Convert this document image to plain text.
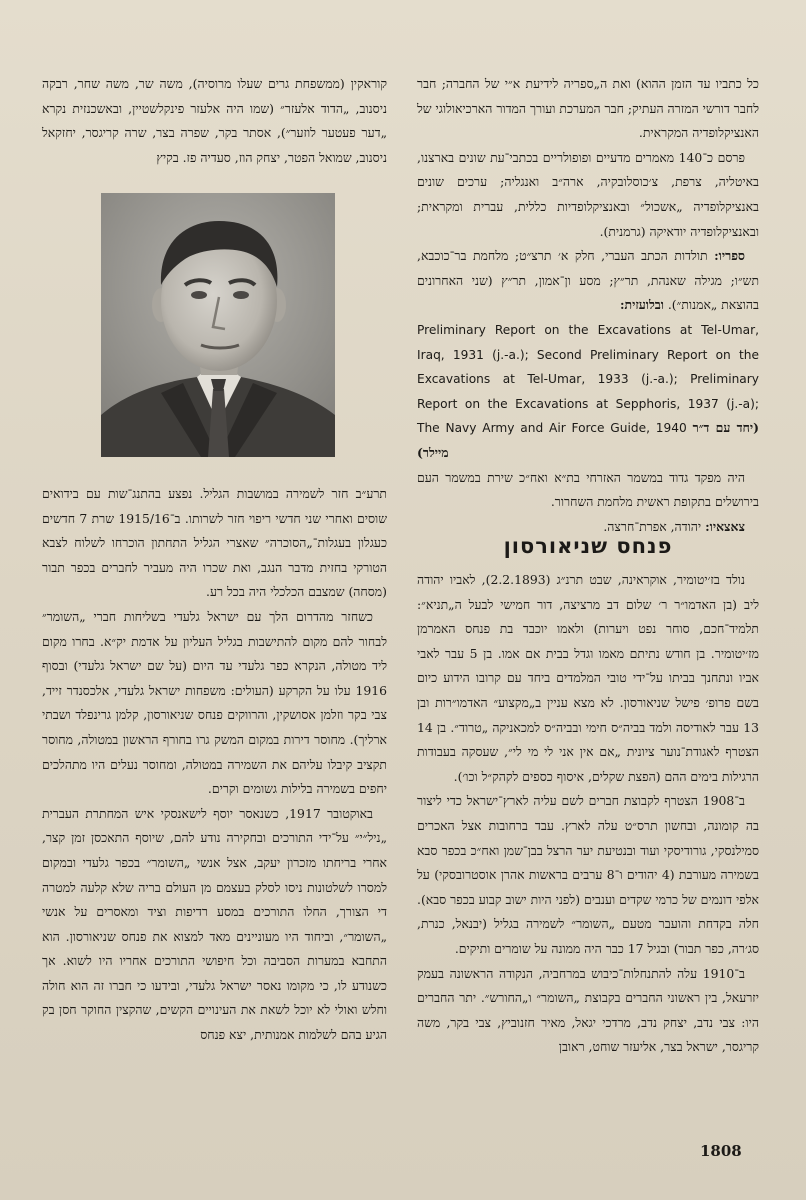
כל כתביו עד הזמן ההוא) ואת ה„ספריה לידיעת א״י של החברה; חבר לחבר דורשי המזרה העתיק; חבר המערכת ועורך המדור הארכיאולוגי של האנציקלופדיה המקראית.

פרסם כ־140 מאמרים מדעיים ופופולריים בכתבי־עת שונים בארצנו, באיטליה, צרפת, צ׳כוסלובקיה, ארה״ב ואנגליה; ערכים שונים באנציקלופדיה „אשכול״ ובאנציקלופדיות כללית, עברית ומקראית; ובאנציקלופדיה יודאיקה (גרמנית).

ספריו: תולדות הכתב העברי, חלק א׳ תרצ״ט; מלחמת בר־כוכבא, תש״ו; מגילה שאנהת, תר״ץ; מסע ון־אמון, תר״ץ (שני האחרונים בהוצאת „אמנות״). ובלועזית:

Preliminary Report on the Excavations at Tel-Umar, Iraq, 1931 (j.-a.); Second Preliminary Report on the Excavations at Tel-Umar, 1933 (j.-a.); Preliminary Report on the Excavations at Sepphoris, 1937 (j.-a); The Navy Army and Air Force Guide, 1940 (יחד עם ד״ר מיילר)

היה מפקד גדוד במשמר האזרחי בת״א ואח״כ שירת במשמר העם בירושלים בתקופת ראשית מלחמת השחרור.

צאצאיו: יהודה, אפרת־חרצה.

פנחס שניאורסון

נולד בז׳יטומיר, אוקראינה, שבט תרנ״ג (2.2.1893), לאביו יהודה ליב (בן האדמו״ר ר׳ שלום דב מרציצה, דור חמישי לבעל ה„תניא״: תלמיד־חכם, סוחר נפט ויערות) ולאמו יוכבד בת פנחס האמרמן מז׳יטומיר. בן חודש נתיתם מאמו וגדל בבית אם אמו. בן 5 עבר לאבי אביו ונתחנך בביתו על־ידי טובי המלמדים ביחד עם קרובו הידוע כיום בשם פרופ׳ פישל שניאורסון. לא מצא עניין ב„מקצוע״ האדמו״רות ובן 13 עבר לאודיסה ולמד בביה״ס חימי ובביה״ס למכאניקה „טרוד״. בן 14 הצטרף לאגודת־נוער ציונית „אם אין אני לי מי לי״, שעסקה בעבודות הרגילות בימים ההם (הפצת שקלים, איסוף כספים לקהק״ל וכו׳).

ב־1908 הצטרף לקבוצת חברים לשם עליה לארץ־ישראל כדי ליצור בה קומונה, ובחשון תרס״ט עלה לארץ. עבד ברחובות אצל האכרים סמילנסקי, גורודיסקי ועוד ובנטיעת יער הרצל בבן־שמן ואח״כ בכפר סבא בשמירה מעורבת (4 יהודים ו־8 ערבים בראשות אהרן אוסטרובסקי) על אלפי דונמים של כרמי שקדים וענבים (לפני היות ישוב קבוע בכפר סבא). חלה בקדחת והועבר מטעם „השומר״ לשמירה בגליל (יבנאל, כנרת, סג׳רה, כפר תבור) ובגיל 17 כבר היה ממונה על שומרים ותיקים.

ב־1910 עלה להתנחלות־כיבוש במרחביה, הנקודה הראשונה בעמק יזרעאל, בין ראשוני החברים בקבוצת „השומר״ ו„החורש״. יתר החברים היו: צבי נדב, יצחק נדב, מרדכי יגאל, מאיר חזנוביץ, צבי בקר, משה קריגסר, ישראל בצר, אליעזר שוחט, ראובן

קוראקין (ממשפחת גרים שעלו מרוסיה), משה שר, משה שחר, רבקה ניסנוב, „הדוד אלעזר״ (שמו היה אלעזר פינקלשטיין, ובאשכנזית נקרא „דער פעטער לוזער״), אסתר בקר, שפרה בצר, שרה קריגסר, יחזקאל ניסנוב, שמואל הפטר, יצחק הוז, סעדיה פז. בקיץ

תרע״ב חזר לשמירה במושבות הגליל. נפצע בהתנג־שות עם בידואים שוסים ואחרי שני חדשי ריפוי חזר לשרותו. ב־1915/16 שרת 7 חדשים כעגלון בעגלות־„הסוכרה״ שאצרי הגליל התחתון הוכרחו לשלוח לצבא הטורקי בחזית מדבר הנגב, ואת שכרו היה מעביר לחברים בכפר תבור (מסחה) שמצבם הכלכלי היה בכל רע.

כשחזר מהדרום הלך עם ישראל גלעדי בשליחות חברי „השומר״ לבחור להם מקום להתישבות בגליל העליון על אדמת יק״א. בחרו מקום ליד מטולה, הנקרא כפר גלעדי עד היום (על שם ישראל גלעדי) ובסוף 1916 עלו על הקרקע (העולים: משפחות ישראל גלעדי, אלכסנדר זייד, צבי בקר וזלמן אסושקין, והרווקים פנחס שניאורסון, קלמן גרינפלד ושבתי ארליך). מחוסר דירות במקום המשק גרו בחורף הראשון במטולה, מחוסר תקציב קיבלו עליהם את השמירה במטולה, ומחוסר נעלים היו מתהלכים יחפים בשמירה בלילות גשומים וקרים.

באוקטובר 1917, כשנאסר יוסף לישאנסקי איש המחתרת העברית „ניל״י״ על־ידי התורכים ובחקירה נודע להם, שיוסף התאכסן זמן קצר, אחרי בריחתו מזכרון יעקב, אצל אנשי „השומר״ בכפר גלעדי ובמקום למסרו לשלטונות ניסו לסלק בעצמם מן העולם בריה שלא קלעה למטרה די הצורך, החלו התורכים במסע רדיפות וציד ומאסרים על אנשי „השומר״, וביחוד היו מעוניינים מאד למצוא את פנחס שניאורסון. הוא התחבא במערות הסביבה וכל חיפושי התורכים אחריו היו לשוא. אך כשנודע לו, כי מקומו נאסר ישראל גלעדי, ובידעו כי חברו זה הוא חולה וחלש ואולי לא יוכל לשאת את העינויים הקשים, שהקצין החוקר חסן בק הגיע בהם לשלמות אמנותית, יצא פנחס

1808
